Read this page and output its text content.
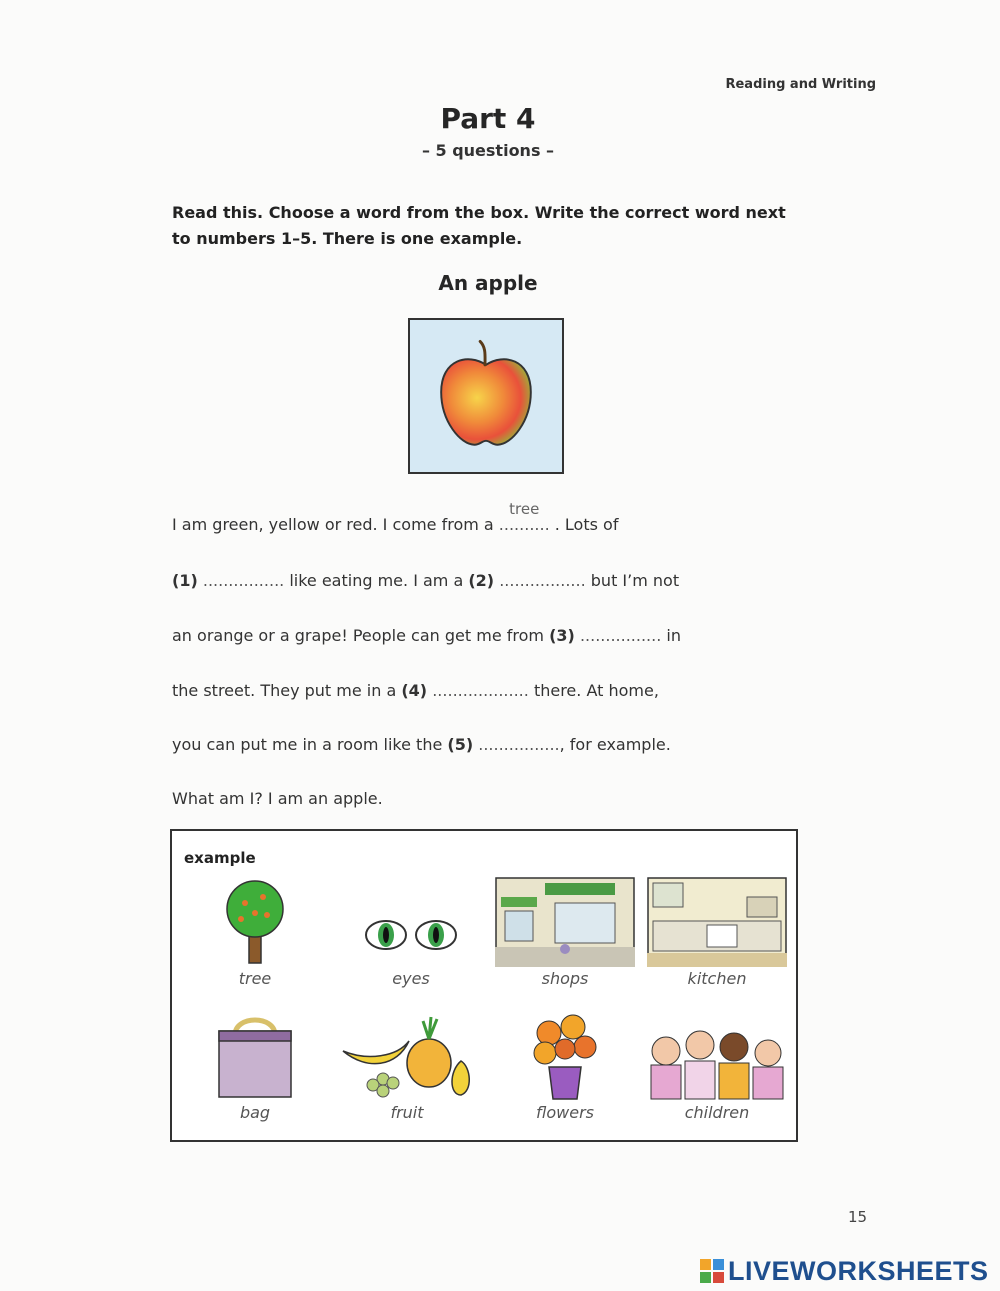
Reading and Writing
Part 4
– 5 questions –
Read this. Choose a word from the box. Write the correct word next to numbers 1–5. There is one example.
An apple
I am green, yellow or red. I come from a
tree
.......... . Lots of
(1) ................ like eating me. I am a (2) ................. but I’m not
an orange or a grape! People can get me from (3) ................ in
the street. They put me in a (4) ................... there. At home,
you can put me in a room like the (5) ................, for example.
What am I? I am an apple.
example
tree	eyes	shops	kitchen
bag	fruit	flowers	children
15
LIVEWORKSHEETS
